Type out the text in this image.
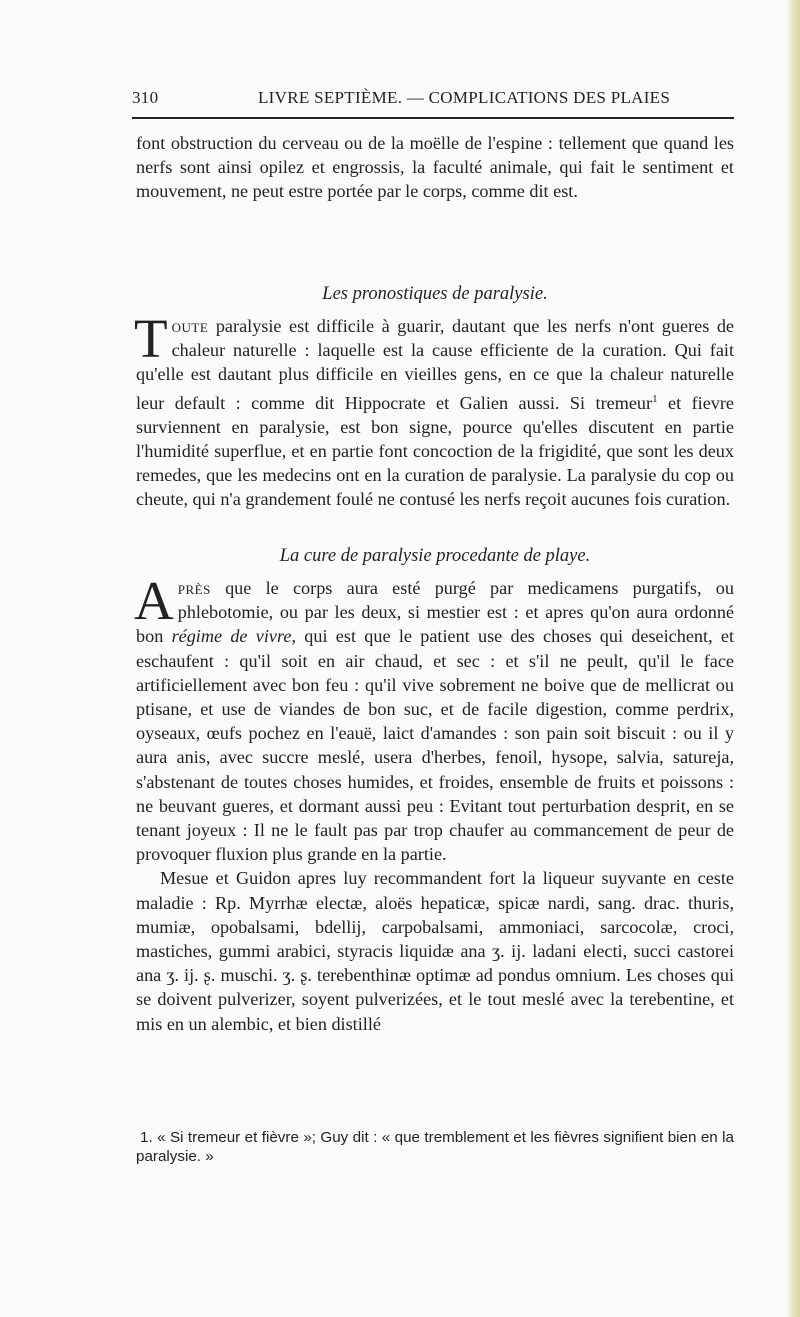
310	LIVRE SEPTIÈME. — COMPLICATIONS DES PLAIES

font obstruction du cerveau ou de la moëlle de l'espine : tellement que quand les nerfs sont ainsi opilez et engrossis, la faculté animale, qui fait le sentiment et mouvement, ne peut estre portée par le corps, comme dit est.

Les pronostiques de paralysie.

Toute paralysie est difficile à guarir, dautant que les nerfs n'ont gueres de chaleur naturelle : laquelle est la cause efficiente de la curation. Qui fait qu'elle est dautant plus difficile en vieilles gens, en ce que la chaleur naturelle leur default : comme dit Hippocrate et Galien aussi. Si tremeur$^1$ et fievre surviennent en paralysie, est bon signe, pource qu'elles discutent en partie l'humidité superflue, et en partie font concoction de la frigidité, que sont les deux remedes, que les medecins ont en la curation de paralysie. La paralysie du cop ou cheute, qui n'a grandement foulé ne contusé les nerfs reçoit aucunes fois curation.

La cure de paralysie procedante de playe.

Après que le corps aura esté purgé par medicamens purgatifs, ou phlebotomie, ou par les deux, si mestier est : et apres qu'on aura ordonné bon régime de vivre, qui est que le patient use des choses qui deseichent, et eschaufent : qu'il soit en air chaud, et sec : et s'il ne peult, qu'il le face artificiellement avec bon feu : qu'il vive sobrement ne boive que de mellicrat ou ptisane, et use de viandes de bon suc, et de facile digestion, comme perdrix, oyseaux, œufs pochez en l'eauë, laict d'amandes : son pain soit biscuit : ou il y aura anis, avec succre meslé, usera d'herbes, fenoil, hysope, salvia, satureja, s'abstenant de toutes choses humides, et froides, ensemble de fruits et poissons : ne beuvant gueres, et dormant aussi peu : Evitant tout perturbation desprit, en se tenant joyeux : Il ne le fault pas par trop chaufer au commancement de peur de provoquer fluxion plus grande en la partie.

Mesue et Guidon apres luy recommandent fort la liqueur suyvante en ceste maladie : Rp. Myrrhæ electæ, aloës hepaticæ, spicæ nardi, sang. drac. thuris, mumiæ, opobalsami, bdellij, carpobalsami, ammoniaci, sarcocolæ, croci, mastiches, gummi arabici, styracis liquidæ ana ʒ. ij. ladani electi, succi castorei ana ʒ. ij. ʂ. muschi. ʒ. ʂ. terebenthinæ optimæ ad pondus omnium. Les choses qui se doivent pulverizer, soyent pulverizées, et le tout meslé avec la terebentine, et mis en un alembic, et bien distillé

1. « Si tremeur et fièvre »; Guy dit : « que tremblement et les fièvres signifient bien en la paralysie. »
